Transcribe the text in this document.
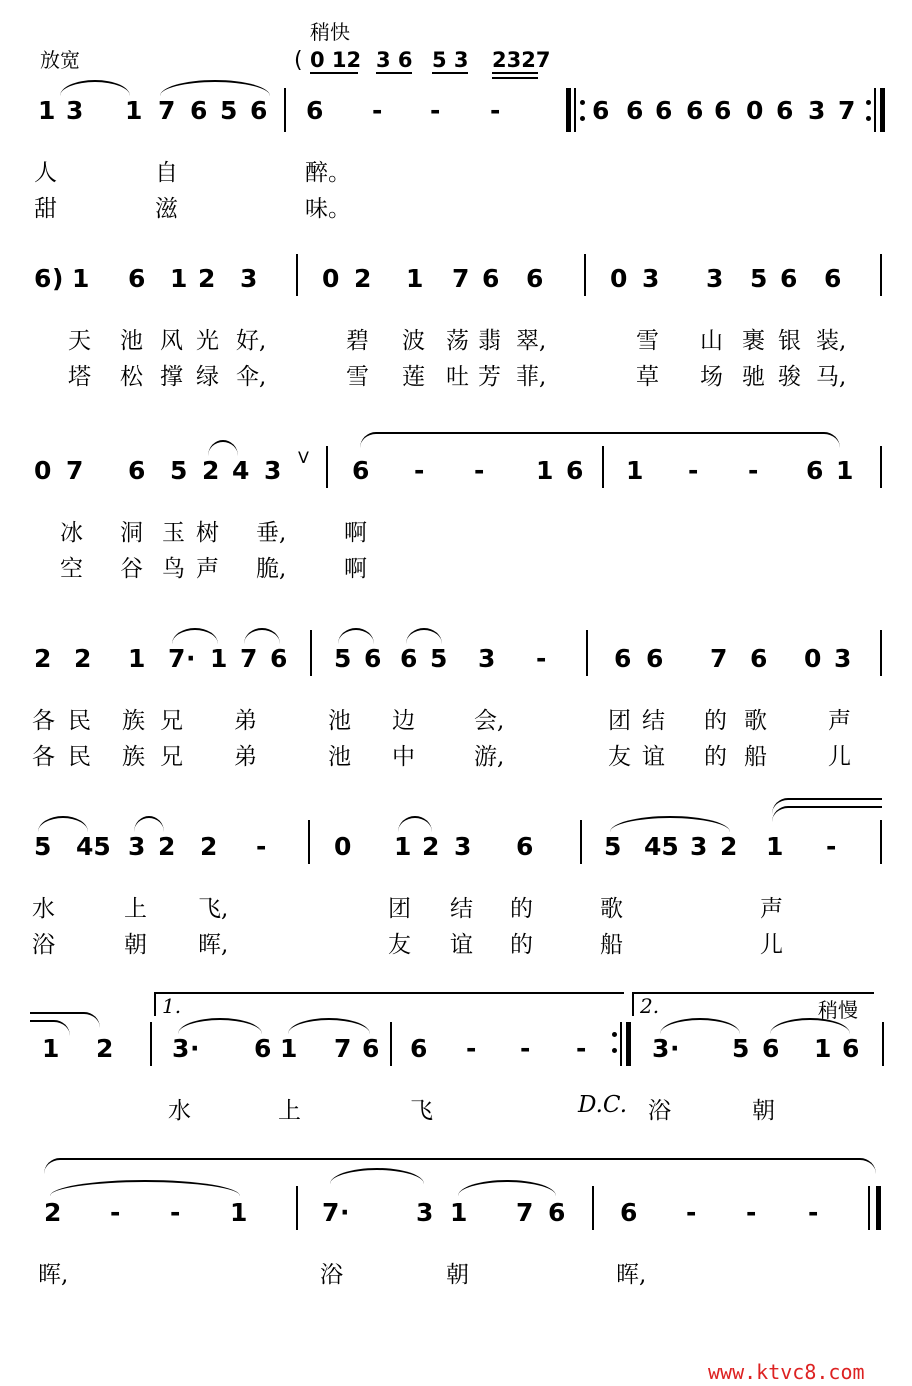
放宽
稍快
稍慢
( 0 12 3 6 5 3 2327
1 3 1 7 6 5 6 6 - - -	6 6 6 6 6 0 6 3 7
人	自	醉。
甜	滋	味。
6 ) 1 6 1 2 3	0 2 1 7 6 6	0 3 3 5 6 6
天 池 风 光 好,	碧 波 荡 翡 翠,	雪 山 裹 银 装,
塔 松 撑 绿 伞,	雪 莲 吐 芳 菲,	草 场 驰 骏 马,
0 7 6 5 2 4 3	6 - - 1 6 1 - - 6 1
冰 洞 玉 树 垂,	啊
空 谷 鸟 声 脆,	啊
2 2 1 7 · 1 7 6 5 6 6 5 3 -	6 6 7 6 0 3
各 民 族 兄 弟	池 边	会,	团 结 的 歌	声
各 民 族 兄 弟	池 中	游,	友 谊 的 船	儿
5 45 3 2 2 -	0 1 2 3 6	5 45 3 2 1 -
水	上 飞,	团 结 的	歌	声
浴	朝 晖,	友 谊 的	船	儿
1 2 3 · 6 1 7 6 6 - - -	3 · 5 6 1 6
水	上	飞	浴	朝
2 - - 1	7 ·	3 1 7 6 6 - - -
晖,	浴	朝	晖,
1.	2.
V
D.C.
www.ktvc8.com
